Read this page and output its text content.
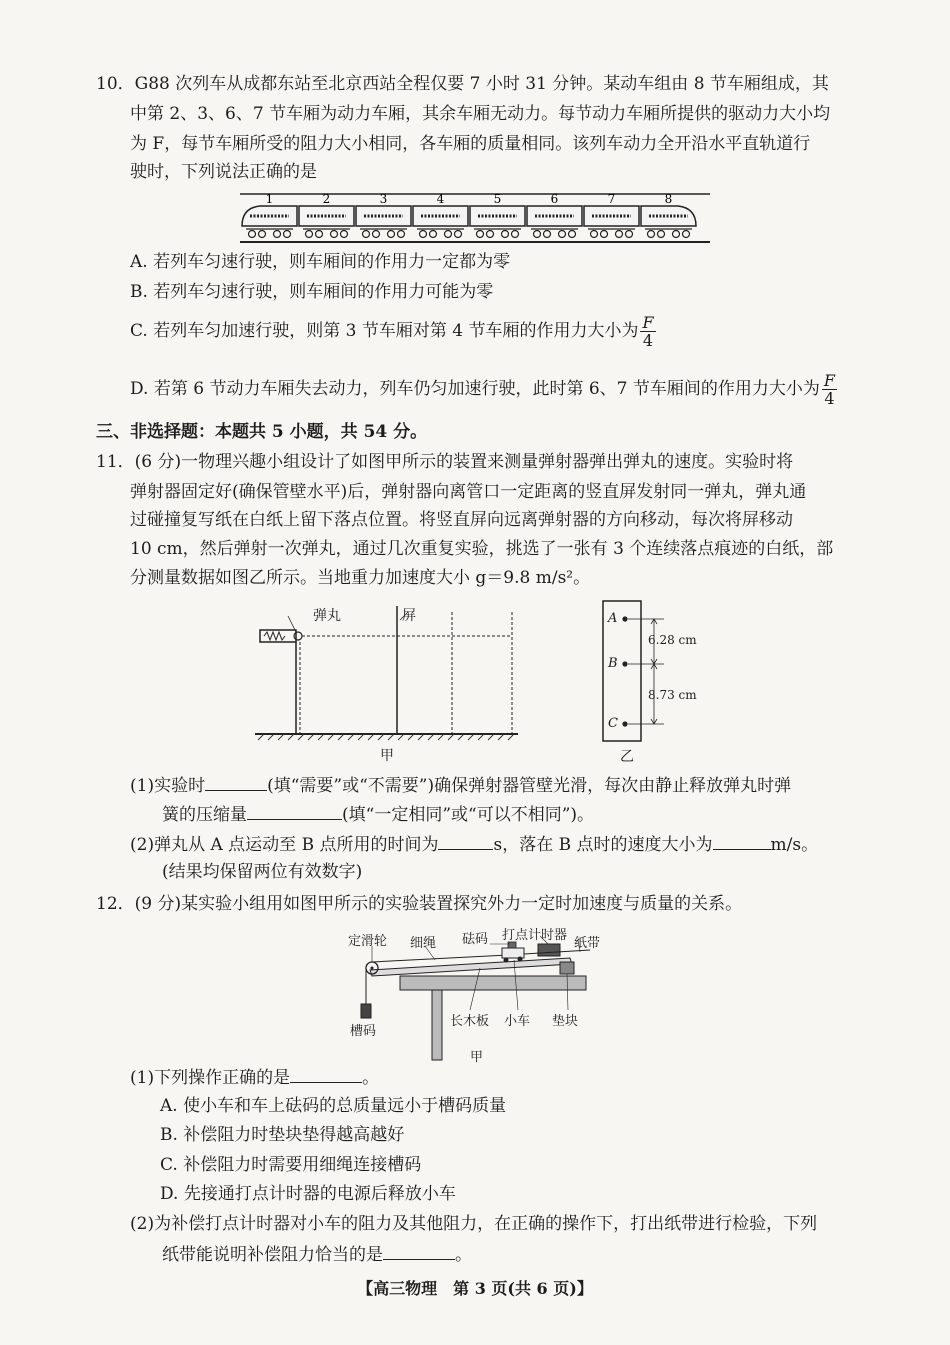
10．G88 次列车从成都东站至北京西站全程仅要 7 小时 31 分钟。某动车组由 8 节车厢组成，其
中第 2、3、6、7 节车厢为动力车厢，其余车厢无动力。每节动力车厢所提供的驱动力大小均
为 F，每节车厢所受的阻力大小相同，各车厢的质量相同。该列车动力全开沿水平直轨道行
驶时，下列说法正确的是
1	2	3	4	5	6	7	8
A. 若列车匀速行驶，则车厢间的作用力一定都为零
B. 若列车匀速行驶，则车厢间的作用力可能为零
C. 若列车匀加速行驶，则第 3 节车厢对第 4 节车厢的作用力大小为 $\frac{F}{4}$
D. 若第 6 节动力车厢失去动力，列车仍匀加速行驶，此时第 6、7 节车厢间的作用力大小为 $\frac{F}{4}$
三、非选择题：本题共 5 小题，共 54 分。
11．(6 分)一物理兴趣小组设计了如图甲所示的装置来测量弹射器弹出弹丸的速度。实验时将
弹射器固定好(确保管壁水平)后，弹射器向离管口一定距离的竖直屏发射同一弹丸，弹丸通
过碰撞复写纸在白纸上留下落点位置。将竖直屏向远离弹射器的方向移动，每次将屏移动
10 cm，然后弹射一次弹丸，通过几次重复实验，挑选了一张有 3 个连续落点痕迹的白纸，部
分测量数据如图乙所示。当地重力加速度大小 g＝9.8 m/s²。
弹丸	屏
甲
A
B
C
6.28 cm
8.73 cm
乙
(1)实验时	(填“需要”或“不需要”)确保弹射器管壁光滑，每次由静止释放弹丸时弹
簧的压缩量	(填“一定相同”或“可以不相同”)。
(2)弹丸从 A 点运动至 B 点所用的时间为	s，落在 B 点时的速度大小为	m/s。
(结果均保留两位有效数字)
12．(9 分)某实验小组用如图甲所示的实验装置探究外力一定时加速度与质量的关系。
定滑轮 细绳 砝码 打点计时器
纸带
槽码
长木板 小车 垫块
甲
(1)下列操作正确的是	。
A. 使小车和车上砝码的总质量远小于槽码质量
B. 补偿阻力时垫块垫得越高越好
C. 补偿阻力时需要用细绳连接槽码
D. 先接通打点计时器的电源后释放小车
(2)为补偿打点计时器对小车的阻力及其他阻力，在正确的操作下，打出纸带进行检验，下列
纸带能说明补偿阻力恰当的是	。
【高三物理　第 3 页(共 6 页)】
